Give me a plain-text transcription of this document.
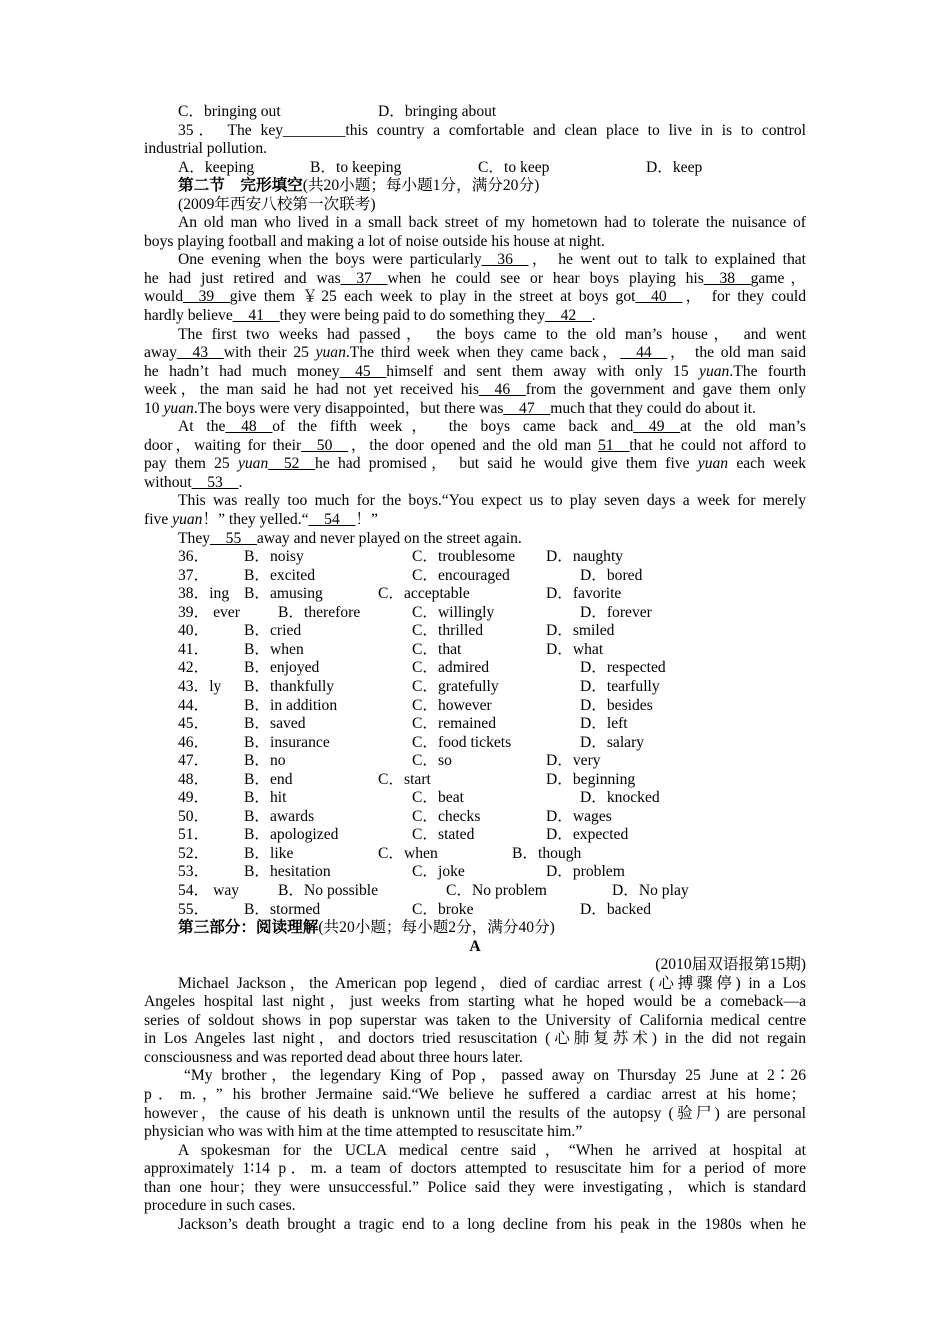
C．bringing out	D．bringing about
35． The key________this country a comfortable and clean place to live in is to control
industrial pollution.
A．keeping	B．to keeping	C．to keep	D．keep
第二节　完形填空(共20小题；每小题1分，满分20分)
(2009年西安八校第一次联考)
An old man who lived in a small back street of my hometown had to tolerate the nuisance of
boys playing football and making a lot of noise outside his house at night.
One evening when the boys were particularly__36__， he went out to talk to explained that
he had just retired and was__37__when he could see or hear boys playing his__38__game，
would__39__give them ￥25 each week to play in the street at boys got__40__， for they could
hardly believe__41__they were being paid to do something they__42__.
The first two weeks had passed， the boys came to the old man’s house， and went
away__43__with their 25 yuan.The third week when they came back，__44__， the old man said
he hadn’t had much money__45__himself and sent them away with only 15 yuan.The fourth
week，the man said he had not yet received his__46__from the government and gave them only
10 yuan.The boys were very disappointed，but there was__47__much that they could do about it.
At the__48__of the fifth week， the boys came back and__49__at the old man’s
door，waiting for their__50__，the door opened and the old man 51__that he could not afford to
pay them 25 yuan__52__he had promised， but said he would give them five yuan each week
without__53__.
This was really too much for the boys.“You expect us to play seven days a week for merely
five yuan！” they yelled.“__54__！”
They__55__away and never played on the street again.
36． B．noisy	C．troublesome D．naughty
37． B．excited	C．encouraged	D．bored
38．ing B．amusing	C．acceptable	D．favorite
39． ever B．therefore	C．willingly	D．forever
40． B．cried	C．thrilled	D．smiled
41． B．when	C．that	D．what
42． B．enjoyed	C．admired	D．respected
43．ly B．thankfully	C．gratefully	D．tearfully
44． B．in addition	C．however	D．besides
45． B．saved	C．remained	D．left
46． B．insurance	C．food tickets	D．salary
47． B．no	C．so	D．very
48． B．end	C．start	D．beginning
49． B．hit	C．beat	D．knocked
50． B．awards	C．checks	D．wages
51． B．apologized	C．stated	D．expected
52． B．like	C．when	B．though
53． B．hesitation	C．joke	D．problem
54． way B．No possible	C．No problem	D．No play
55． B．stormed	C．broke	D．backed
第三部分：阅读理解(共20小题；每小题2分，满分40分)
A
(2010届双语报第15期)
Michael Jackson，the American pop legend，died of cardiac arrest (心搏骤停) in a Los
Angeles hospital last night，just weeks from starting what he hoped would be a comeback—a
series of soldout shows in pop superstar was taken to the University of California medical centre
in Los Angeles last night，and doctors tried resuscitation (心肺复苏术) in the did not regain
consciousness and was reported dead about three hours later.
“My brother，the legendary King of Pop，passed away on Thursday 25 June at 2∶26
p．m.，” his brother Jermaine said.“We believe he suffered a cardiac arrest at his home；
however，the cause of his death is unknown until the results of the autopsy (验尸) are personal
physician who was with him at the time attempted to resuscitate him.”
A spokesman for the UCLA medical centre said，“When he arrived at hospital at
approximately 1∶14 p．m. a team of doctors attempted to resuscitate him for a period of more
than one hour；they were unsuccessful.” Police said they were investigating，which is standard
procedure in such cases.
Jackson’s death brought a tragic end to a long decline from his peak in the 1980s when he
